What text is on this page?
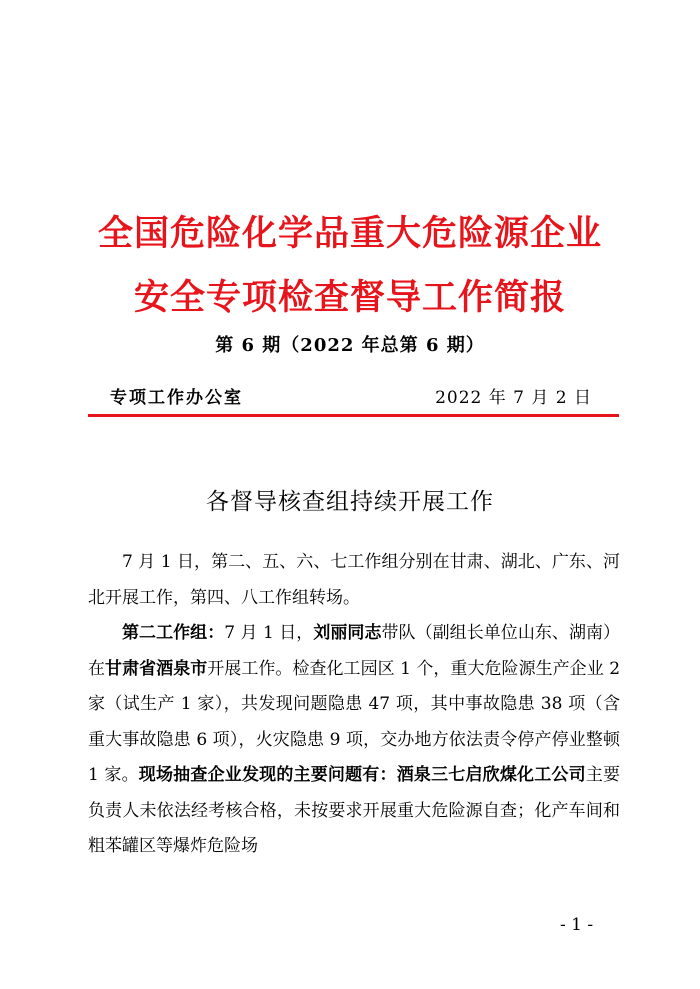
全国危险化学品重大危险源企业
安全专项检查督导工作简报
第 6 期（2022 年总第 6 期）
专项工作办公室	2022 年 7 月 2 日
各督导核查组持续开展工作

7 月 1 日，第二、五、六、七工作组分别在甘肃、湖北、广东、河北开展工作，第四、八工作组转场。

第二工作组：7 月 1 日，刘丽同志带队（副组长单位山东、湖南）在甘肃省酒泉市开展工作。检查化工园区 1 个，重大危险源生产企业 2 家（试生产 1 家），共发现问题隐患 47 项，其中事故隐患 38 项（含重大事故隐患 6 项），火灾隐患 9 项，交办地方依法责令停产停业整顿 1 家。现场抽查企业发现的主要问题有：酒泉三七启欣煤化工公司主要负责人未依法经考核合格，未按要求开展重大危险源自查；化产车间和粗苯罐区等爆炸危险场

- 1 -
